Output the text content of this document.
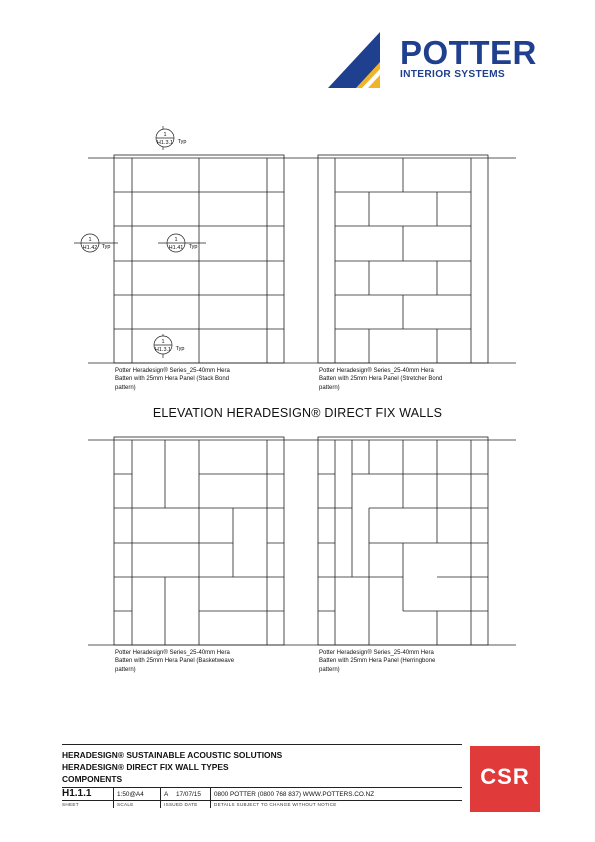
POTTER
INTERIOR SYSTEMS
1
H1.3.1 Typ
1
H1.42 Typ
1
H1.41 Typ
1
H1.3.1 Typ
Potter Heradesign® Series_25-40mm Hera
Batten with 25mm Hera Panel (Stack Bond
pattern)
Potter Heradesign® Series_25-40mm Hera
Batten with 25mm Hera Panel (Stretcher Bond
pattern)
ELEVATION HERADESIGN® DIRECT FIX WALLS
Potter Heradesign® Series_25-40mm Hera
Batten with 25mm Hera Panel (Basketweave
pattern)
Potter Heradesign® Series_25-40mm Hera
Batten with 25mm Hera Panel (Herringbone
pattern)
HERADESIGN® SUSTAINABLE ACOUSTIC SOLUTIONS
HERADESIGN® DIRECT FIX WALL TYPES
COMPONENTS
H1.1.1	1:50@A4	A 17/07/15 0800 POTTER (0800 768 837) WWW.POTTERS.CO.NZ
SHEET	SCALE	ISSUED DATE	DETAILS SUBJECT TO CHANGE WITHOUT NOTICE
CSR
